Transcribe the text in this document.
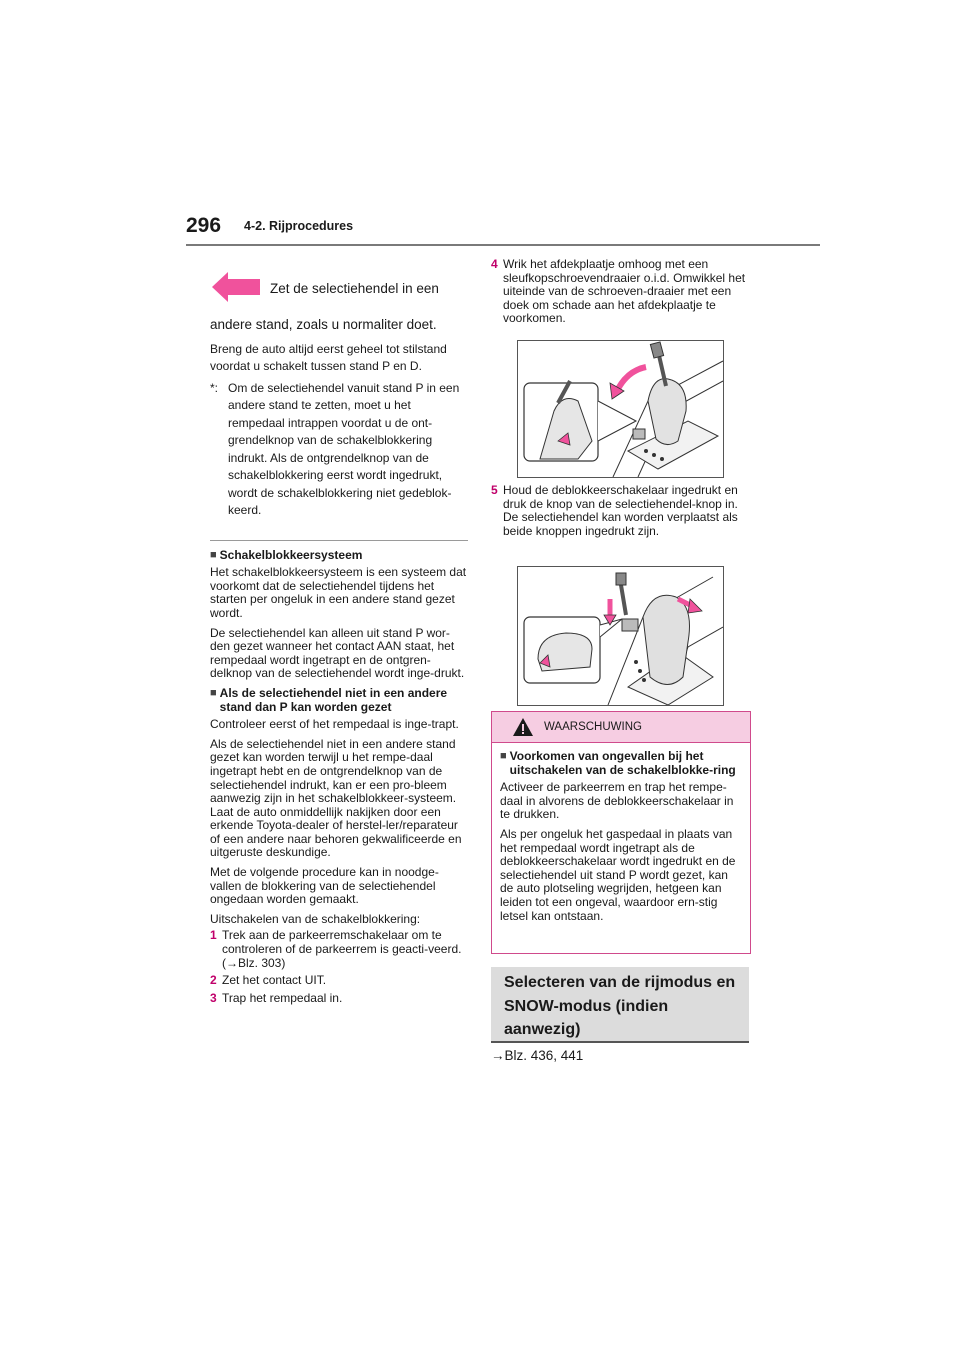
296 4-2. Rijprocedures
Zet de selectiehendel in een

andere stand, zoals u normaliter doet.

Breng de auto altijd eerst geheel tot stilstand voordat u schakelt tussen stand P en D.

*: Om de selectiehendel vanuit stand P in een andere stand te zetten, moet u het rempedaal intrappen voordat u de ont-grendelknop van de schakelblokkering indrukt. Als de ontgrendelknop van de schakelblokkering eerst wordt ingedrukt, wordt de schakelblokkering niet gedeblok-keerd.
■ Schakelblokkeersysteem

Het schakelblokkeersysteem is een systeem dat voorkomt dat de selectiehendel tijdens het starten per ongeluk in een andere stand gezet wordt.

De selectiehendel kan alleen uit stand P wor-den gezet wanneer het contact AAN staat, het rempedaal wordt ingetrapt en de ontgren-delknop van de selectiehendel wordt inge-drukt.

■ Als de selectiehendel niet in een andere stand dan P kan worden gezet

Controleer eerst of het rempedaal is inge-trapt.

Als de selectiehendel niet in een andere stand gezet kan worden terwijl u het rempe-daal ingetrapt hebt en de ontgrendelknop van de selectiehendel indrukt, kan er een pro-bleem aanwezig zijn in het schakelblokkeer-systeem. Laat de auto onmiddellijk nakijken door een erkende Toyota-dealer of herstel-ler/reparateur of een andere naar behoren gekwalificeerde en uitgeruste deskundige.

Met de volgende procedure kan in noodge-vallen de blokkering van de selectiehendel ongedaan worden gemaakt.

Uitschakelen van de schakelblokkering:

1 Trek aan de parkeerremschakelaar om te controleren of de parkeerrem is geacti-veerd. (→Blz. 303)
2 Zet het contact UIT.
3 Trap het rempedaal in.
4 Wrik het afdekplaatje omhoog met een sleufkopschroevendraaier o.i.d. Omwikkel het uiteinde van de schroeven-draaier met een doek om schade aan het afdekplaatje te voorkomen.
5 Houd de deblokkeerschakelaar ingedrukt en druk de knop van de selectiehendel-knop in. De selectiehendel kan worden verplaatst als beide knoppen ingedrukt zijn.
WAARSCHUWING
■ Voorkomen van ongevallen bij het uitschakelen van de schakelblokke-ring

Activeer de parkeerrem en trap het rempe-daal in alvorens de deblokkeerschakelaar in te drukken.

Als per ongeluk het gaspedaal in plaats van het rempedaal wordt ingetrapt als de deblokkeerschakelaar wordt ingedrukt en de selectiehendel uit stand P wordt gezet, kan de auto plotseling wegrijden, hetgeen kan leiden tot een ongeval, waardoor ern-stig letsel kan ontstaan.

Selecteren van de rijmodus en SNOW-modus (indien aanwezig)
→Blz. 436, 441
